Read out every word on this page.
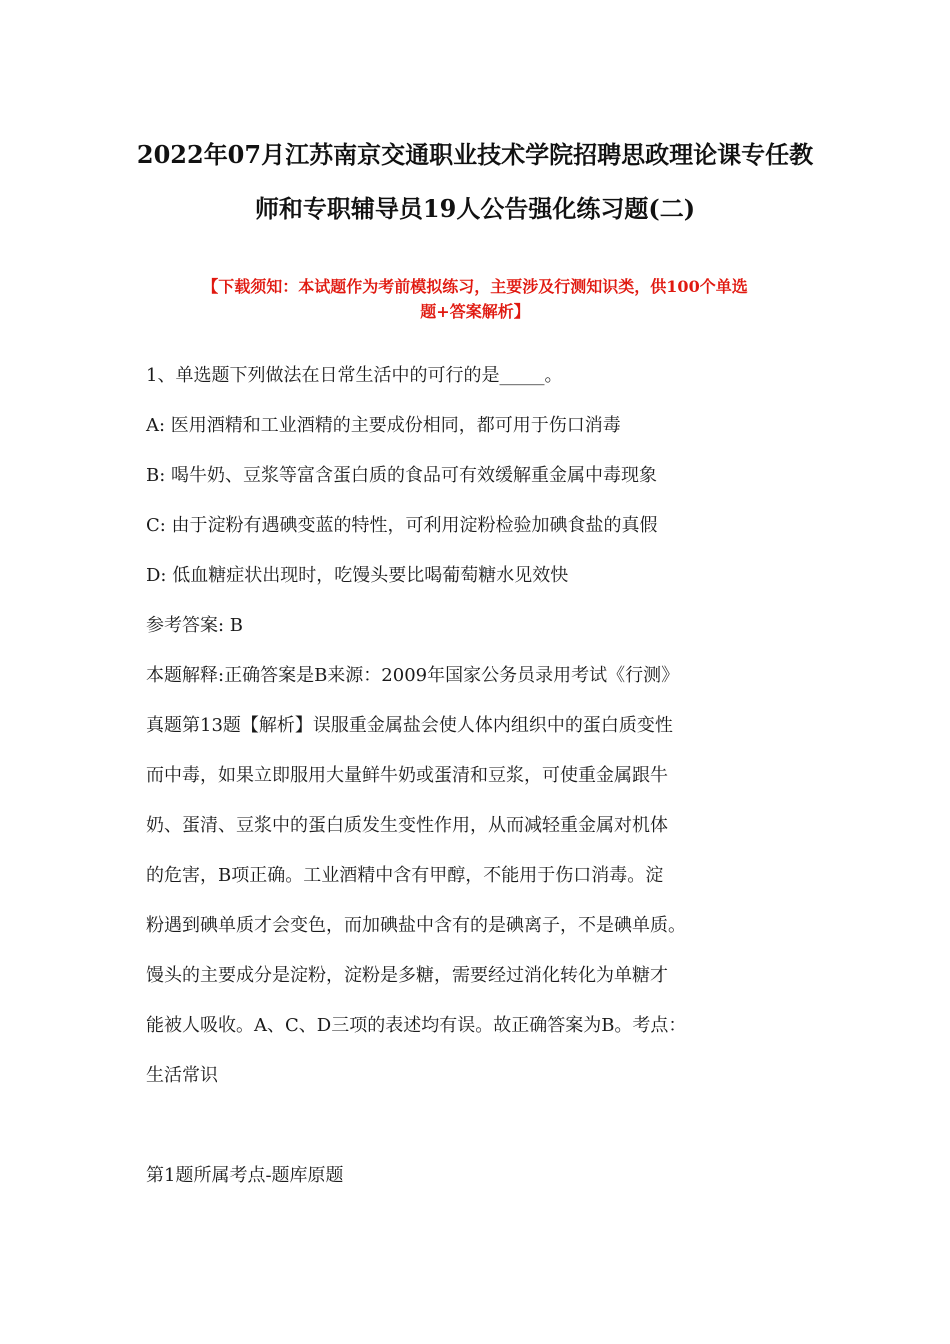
2022年07月江苏南京交通职业技术学院招聘思政理论课专任教
师和专职辅导员19人公告强化练习题(二)
【下载须知：本试题作为考前模拟练习，主要涉及行测知识类，供100个单选
题+答案解析】
1、单选题下列做法在日常生活中的可行的是_____。
A: 医用酒精和工业酒精的主要成份相同，都可用于伤口消毒
B: 喝牛奶、豆浆等富含蛋白质的食品可有效缓解重金属中毒现象
C: 由于淀粉有遇碘变蓝的特性，可利用淀粉检验加碘食盐的真假
D: 低血糖症状出现时，吃馒头要比喝葡萄糖水见效快
参考答案: B
本题解释:正确答案是B来源：2009年国家公务员录用考试《行测》
真题第13题【解析】误服重金属盐会使人体内组织中的蛋白质变性
而中毒，如果立即服用大量鲜牛奶或蛋清和豆浆，可使重金属跟牛
奶、蛋清、豆浆中的蛋白质发生变性作用，从而减轻重金属对机体
的危害，B项正确。工业酒精中含有甲醇，不能用于伤口消毒。淀
粉遇到碘单质才会变色，而加碘盐中含有的是碘离子，不是碘单质。
馒头的主要成分是淀粉，淀粉是多糖，需要经过消化转化为单糖才
能被人吸收。A、C、D三项的表述均有误。故正确答案为B。考点：
生活常识
第1题所属考点-题库原题
